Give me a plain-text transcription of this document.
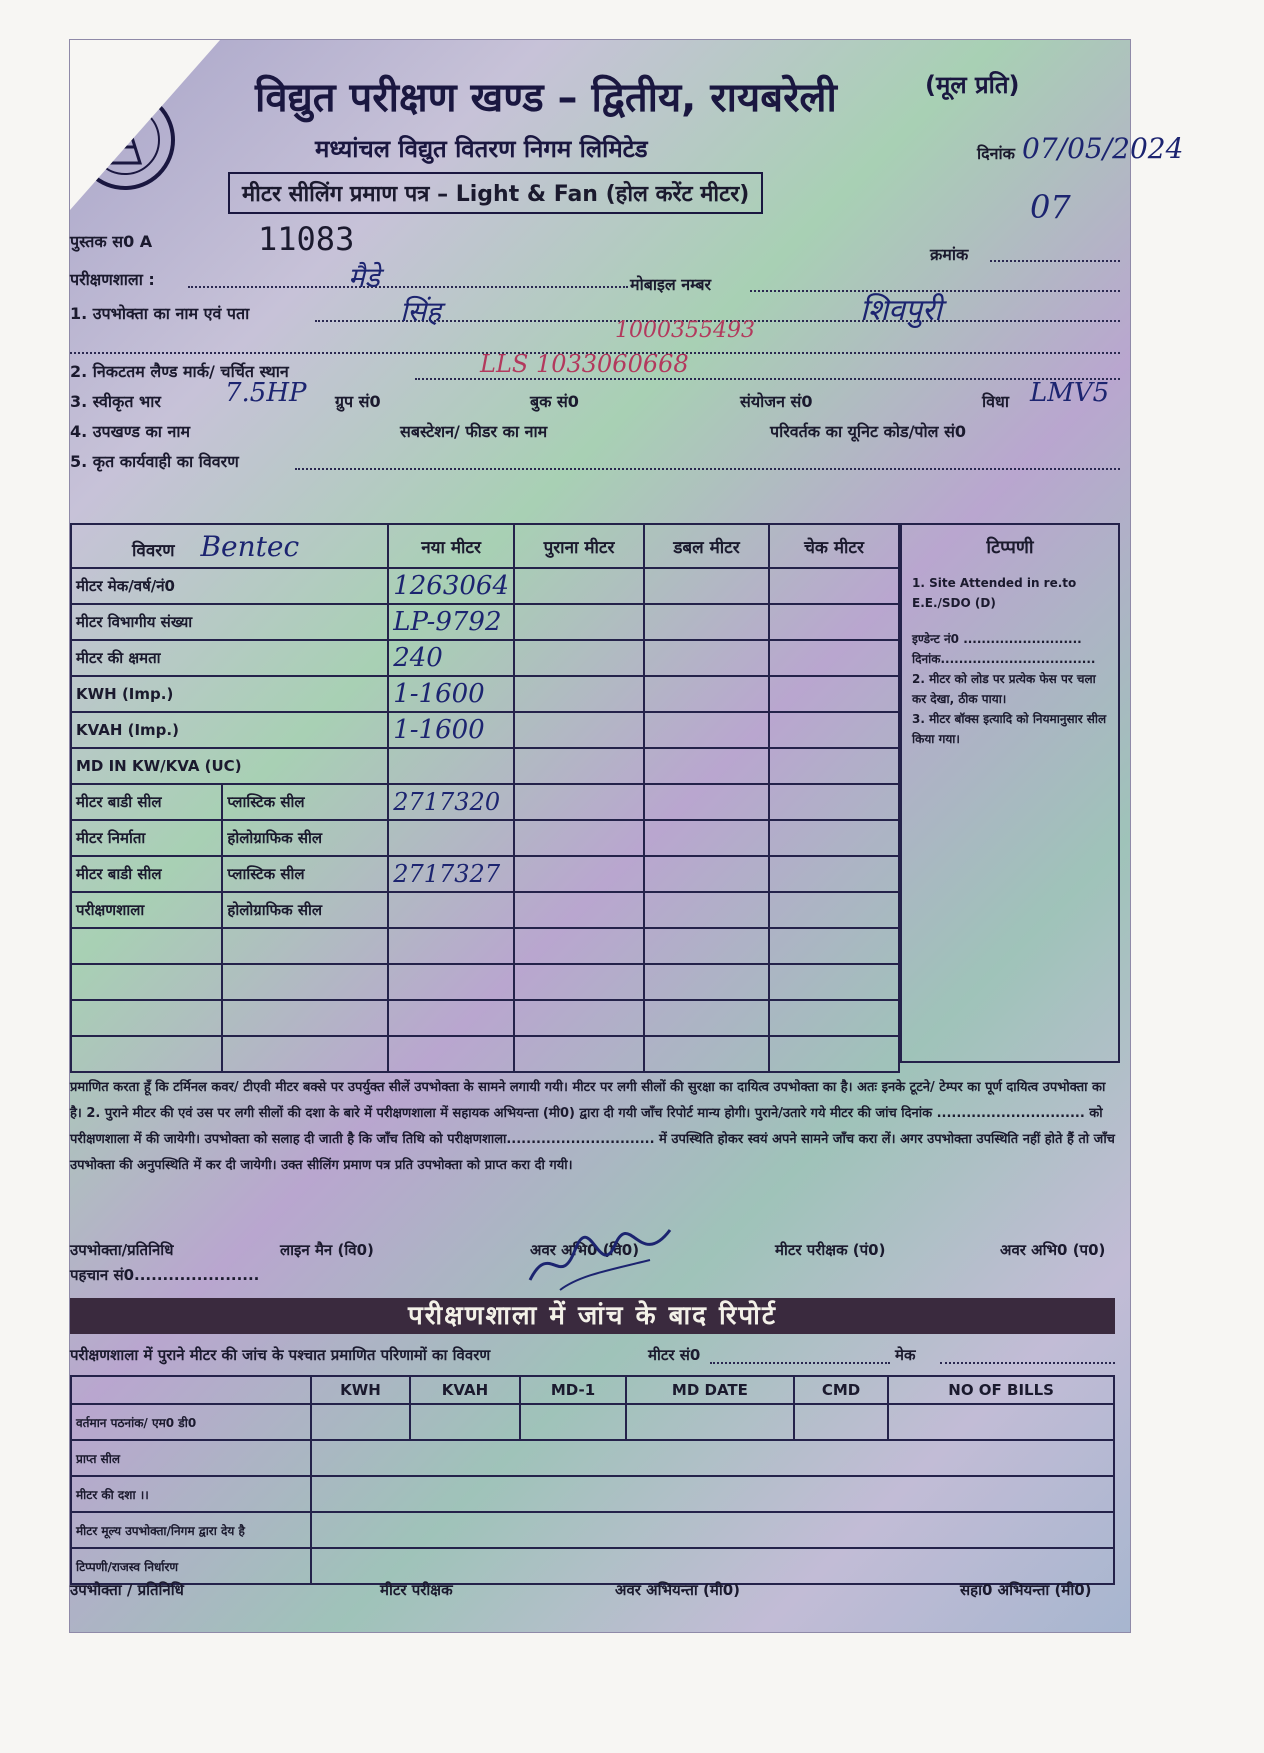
विद्युत परीक्षण खण्ड – द्वितीय, रायबरेली	(मूल प्रति)
मध्यांचल विद्युत वितरण निगम लिमिटेड	दिनांक 07/05/2024
मीटर सीलिंग प्रमाण पत्र – Light & Fan (होल करेंट मीटर)	07
पुस्तक स0 A	11083	क्रमांक
परीक्षणशाला :	मैडे	मोबाइल नम्बर
1. उपभोक्ता का नाम एवं पता	सिंह	शिवपुरी
1000355493
2. निकटतम लैण्ड मार्क/ चर्चित स्थान	LLS 1033060668
3. स्वीकृत भार 7.5HP ग्रुप सं0	बुक सं0	संयोजन सं0	विधा LMV5
4. उपखण्ड का नाम	सबस्टेशन/ फीडर का नाम	परिवर्तक का यूनिट कोड/पोल सं0
5. कृत कार्यवाही का विवरण
विवरण Bentec		नया मीटर	पुराना मीटर	डबल मीटर	चेक मीटर
मीटर मेक/वर्ष/नं0		1263064			
मीटर विभागीय संख्या		LP-9792			
मीटर की क्षमता		240			
KWH (Imp.)		1-1600			
KVAH (Imp.)		1-1600			
MD IN KW/KVA (UC)					
मीटर बाडी सील	प्लास्टिक सील	2717320			
मीटर निर्माता	होलोग्राफिक सील				
मीटर बाडी सील	प्लास्टिक सील	2717327			
परीक्षणशाला	होलोग्राफिक सील				

टिप्पणी
1. Site Attended in re.to E.E./SDO (D)
इण्डेन्ट नं0 ..........................
दिनांक..................................
2. मीटर को लोड पर प्रत्येक फेस पर चला कर देखा, ठीक पाया।
3. मीटर बॉक्स इत्यादि को नियमानुसार सील किया गया।
प्रमाणित करता हूँ कि टर्मिनल कवर/ टीएवी मीटर बक्से पर उपर्युक्त सीलें उपभोक्ता के सामने लगायी गयी। मीटर पर लगी सीलों की सुरक्षा का दायित्व उपभोक्ता का है। अतः इनके टूटने/ टेम्पर का पूर्ण दायित्व उपभोक्ता का है। 2. पुराने मीटर की एवं उस पर लगी सीलों की दशा के बारे में परीक्षणशाला में सहायक अभियन्ता (मी0) द्वारा दी गयी जाँच रिपोर्ट मान्य होगी। पुराने/उतारे गये मीटर की जांच दिनांक .............................. को परीक्षणशाला में की जायेगी। उपभोक्ता को सलाह दी जाती है कि जाँच तिथि को परीक्षणशाला.............................. में उपस्थिति होकर स्वयं अपने सामने जाँच करा लें। अगर उपभोक्ता उपस्थिति नहीं होते हैं तो जाँच उपभोक्ता की अनुपस्थिति में कर दी जायेगी। उक्त सीलिंग प्रमाण पत्र प्रति उपभोक्ता को प्राप्त करा दी गयी।
उपभोक्ता/प्रतिनिधि
पहचान सं0......................
लाइन मैन (वि0)	अवर अभि0 (वि0)	मीटर परीक्षक (पं0)	अवर अभि0 (प0)
परीक्षणशाला में जांच के बाद रिपोर्ट
परीक्षणशाला में पुराने मीटर की जांच के पश्चात प्रमाणित परिणामों का विवरण	मीटर सं0	मेक
	KWH	KVAH	MD-1	MD DATE	CMD	NO OF BILLS
वर्तमान पठनांक/ एम0 डी0						
प्राप्त सील						
मीटर की दशा ।।						
मीटर मूल्य उपभोक्ता/निगम द्वारा देय है						
टिप्पणी/राजस्व निर्धारण						
उपभोक्ता / प्रतिनिधि	मीटर परीक्षक	अवर अभियन्ता (मी0)	सहा0 अभियन्ता (मी0)
